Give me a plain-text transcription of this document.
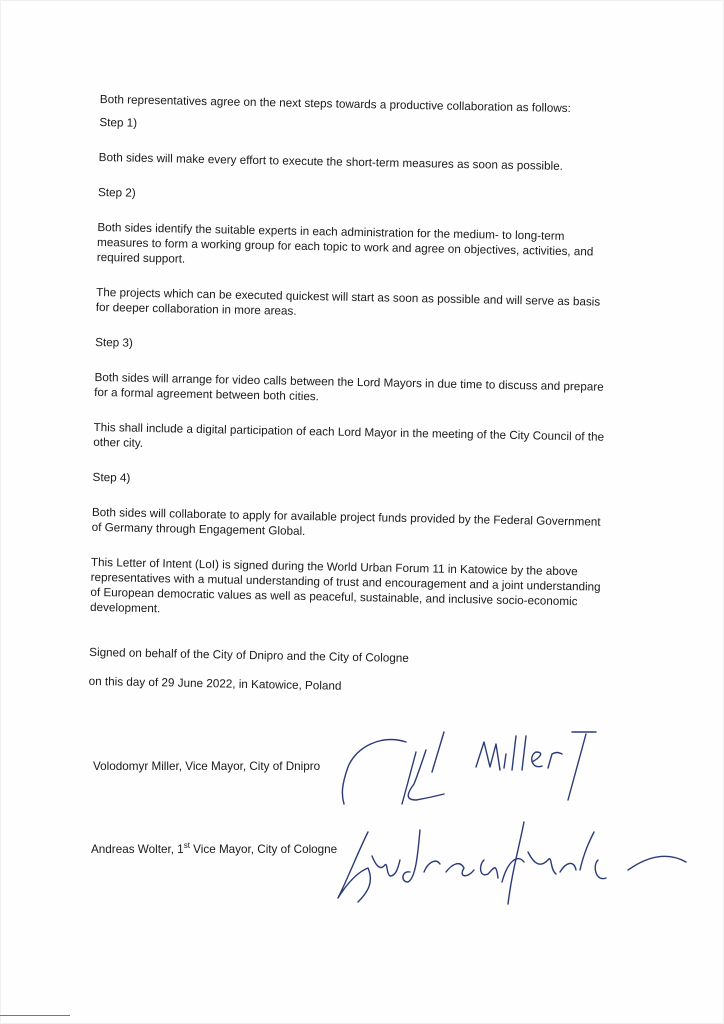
Both representatives agree on the next steps towards a productive collaboration as follows:

Step 1)

Both sides will make every effort to execute the short-term measures as soon as possible.

Step 2)

Both sides identify the suitable experts in each administration for the medium- to long-term measures to form a working group for each topic to work and agree on objectives, activities, and required support.

The projects which can be executed quickest will start as soon as possible and will serve as basis for deeper collaboration in more areas.

Step 3)

Both sides will arrange for video calls between the Lord Mayors in due time to discuss and prepare for a formal agreement between both cities.

This shall include a digital participation of each Lord Mayor in the meeting of the City Council of the other city.

Step 4)

Both sides will collaborate to apply for available project funds provided by the Federal Government of Germany through Engagement Global.

This Letter of Intent (LoI) is signed during the World Urban Forum 11 in Katowice by the above representatives with a mutual understanding of trust and encouragement and a joint understanding of European democratic values as well as peaceful, sustainable, and inclusive socio-economic development.

Signed on behalf of the City of Dnipro and the City of Cologne

on this day of 29 June 2022, in Katowice, Poland

Volodomyr Miller, Vice Mayor, City of Dnipro
Andreas Wolter, 1st Vice Mayor, City of Cologne
